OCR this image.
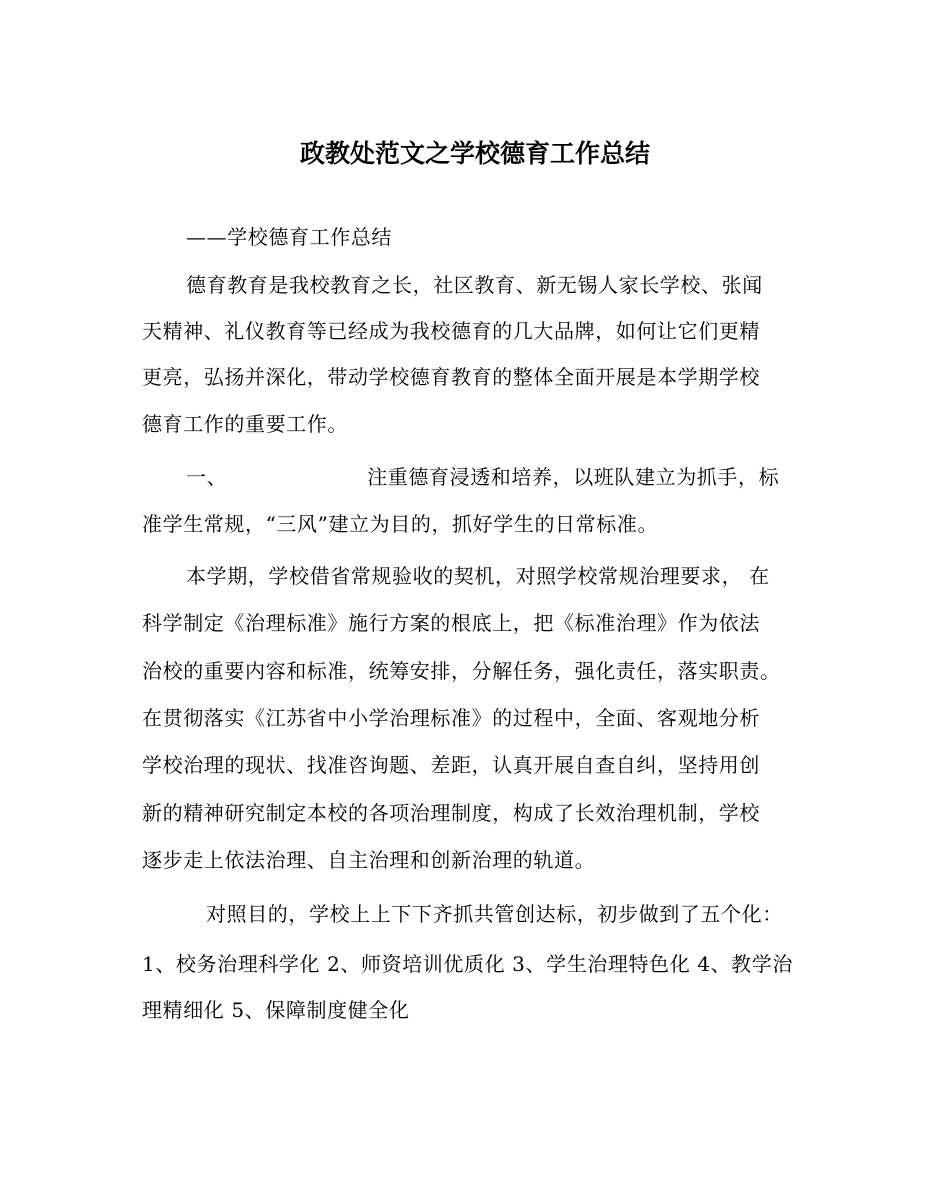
政教处范文之学校德育工作总结
——学校德育工作总结
德育教育是我校教育之长，社区教育、新无锡人家长学校、张闻
天精神、礼仪教育等已经成为我校德育的几大品牌，如何让它们更精
更亮，弘扬并深化，带动学校德育教育的整体全面开展是本学期学校
德育工作的重要工作。
一、	注重德育浸透和培养，以班队建立为抓手，标
准学生常规，“三风”建立为目的，抓好学生的日常标准。
本学期，学校借省常规验收的契机，对照学校常规治理要求， 在
科学制定《治理标准》施行方案的根底上，把《标准治理》作为依法
治校的重要内容和标准，统筹安排，分解任务，强化责任，落实职责。
在贯彻落实《江苏省中小学治理标准》的过程中，全面、客观地分析
学校治理的现状、找准咨询题、差距，认真开展自查自纠，坚持用创
新的精神研究制定本校的各项治理制度，构成了长效治理机制，学校
逐步走上依法治理、自主治理和创新治理的轨道。
对照目的，学校上上下下齐抓共管创达标，初步做到了五个化：
1、校务治理科学化 2、师资培训优质化 3、学生治理特色化 4、教学治
理精细化 5、保障制度健全化
